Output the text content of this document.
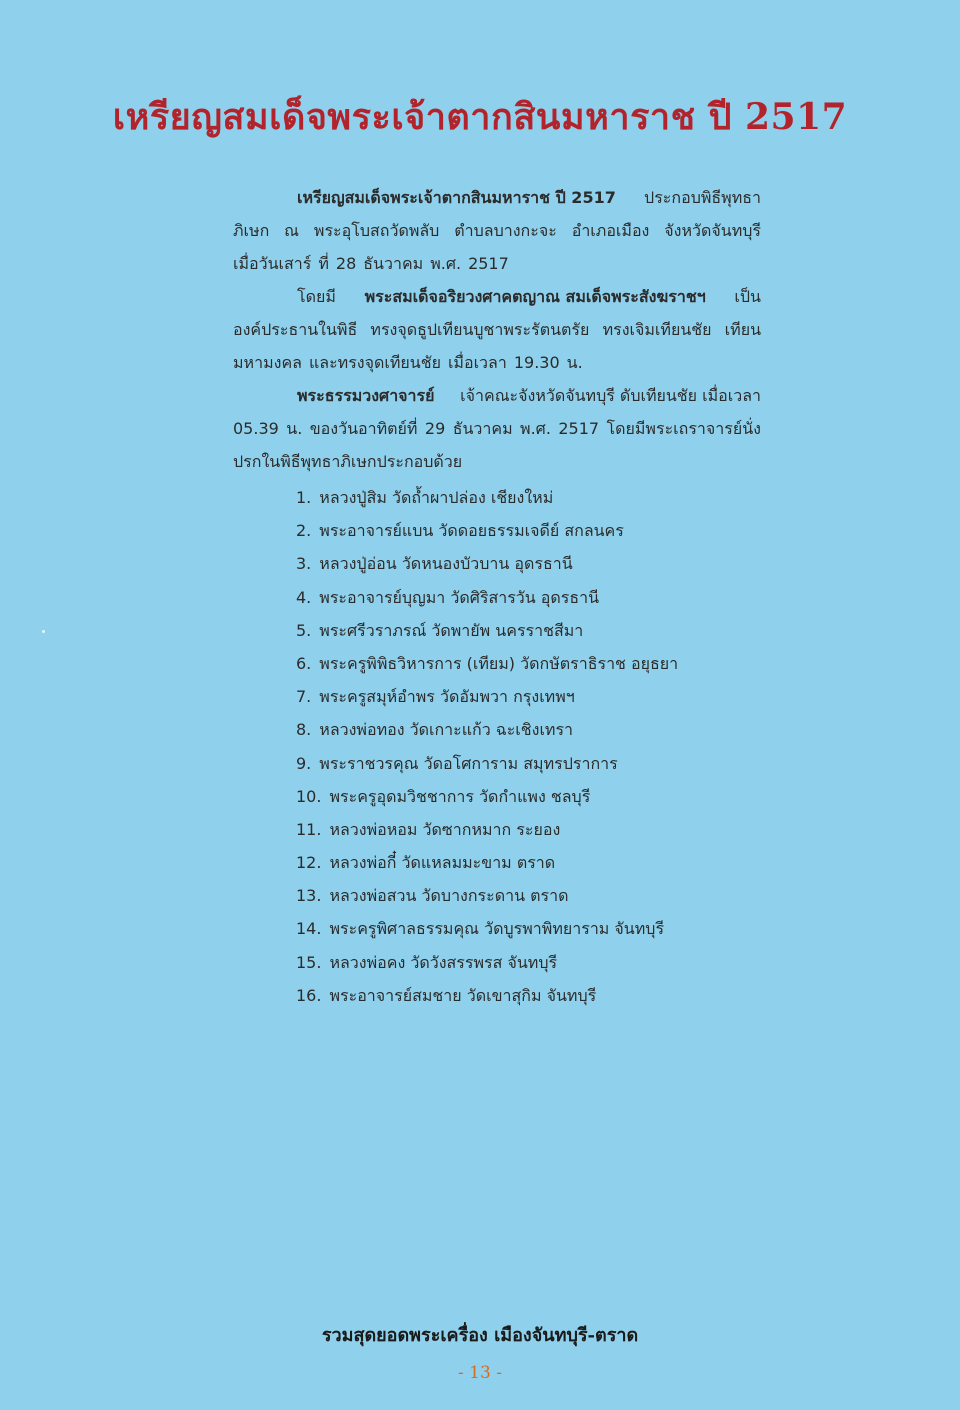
เหรียญสมเด็จพระเจ้าตากสินมหาราช ปี 2517
เหรียญสมเด็จพระเจ้าตากสินมหาราช ปี 2517 ประกอบพิธีพุทธา
ภิเษก ณ พระอุโบสถวัดพลับ ตำบลบางกะจะ อำเภอเมือง จังหวัดจันทบุรี
เมื่อวันเสาร์ ที่ 28 ธันวาคม พ.ศ. 2517
โดยมี พระสมเด็จอริยวงศาคตญาณ สมเด็จพระสังฆราชฯ เป็น
องค์ประธานในพิธี ทรงจุดธูปเทียนบูชาพระรัตนตรัย ทรงเจิมเทียนชัย เทียน
มหามงคล และทรงจุดเทียนชัย เมื่อเวลา 19.30 น.
พระธรรมวงศาจารย์ เจ้าคณะจังหวัดจันทบุรี ดับเทียนชัย เมื่อเวลา
05.39 น. ของวันอาทิตย์ที่ 29 ธันวาคม พ.ศ. 2517 โดยมีพระเถราจารย์นั่ง
ปรกในพิธีพุทธาภิเษกประกอบด้วย
1. หลวงปู่สิม วัดถ้ำผาปล่อง เชียงใหม่
2. พระอาจารย์แบน วัดดอยธรรมเจดีย์ สกลนคร
3. หลวงปู่อ่อน วัดหนองบัวบาน อุดรธานี
4. พระอาจารย์บุญมา วัดศิริสารวัน อุดรธานี
5. พระศรีวราภรณ์ วัดพายัพ นครราชสีมา
6. พระครูพิพิธวิหารการ (เทียม) วัดกษัตราธิราช อยุธยา
7. พระครูสมุห์อำพร วัดอัมพวา กรุงเทพฯ
8. หลวงพ่อทอง วัดเกาะแก้ว ฉะเชิงเทรา
9. พระราชวรคุณ วัดอโศการาม สมุทรปราการ
10. พระครูอุดมวิชชาการ วัดกำแพง ชลบุรี
11. หลวงพ่อหอม วัดซากหมาก ระยอง
12. หลวงพ่อกี๋ วัดแหลมมะขาม ตราด
13. หลวงพ่อสวน วัดบางกระดาน ตราด
14. พระครูพิศาลธรรมคุณ วัดบูรพาพิทยาราม จันทบุรี
15. หลวงพ่อคง วัดวังสรรพรส จันทบุรี
16. พระอาจารย์สมชาย วัดเขาสุกิม จันทบุรี
รวมสุดยอดพระเครื่อง เมืองจันทบุรี-ตราด
- 13 -
